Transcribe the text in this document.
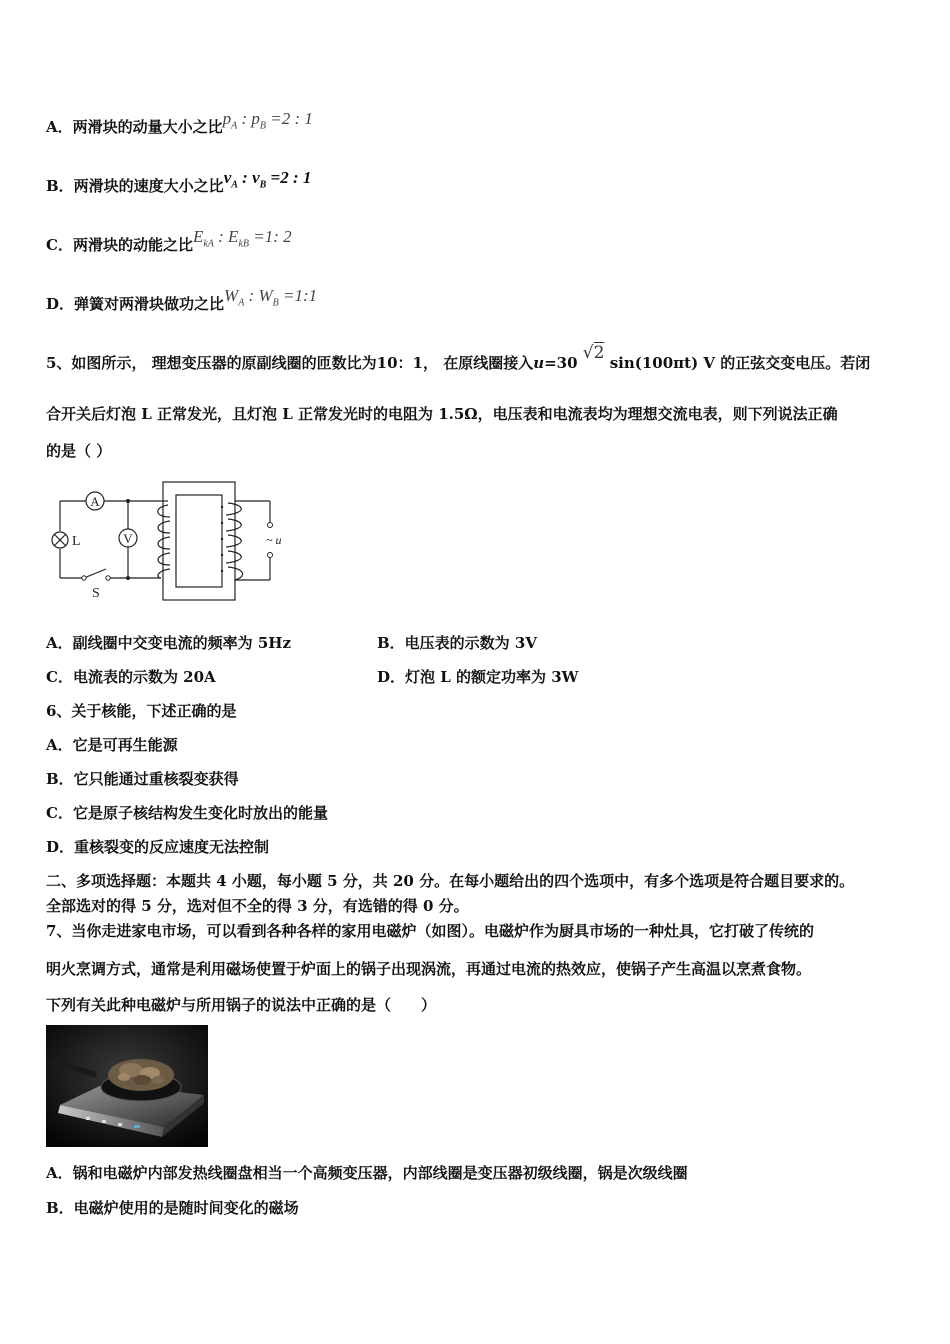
A．两滑块的动量大小之比$p_A$ : $p_B =2$ : 1
B．两滑块的速度大小之比$v_A$ : $v_B =2$ : 1
C．两滑块的动能之比$E_{kA}$ : $E_{kB} =1$: 2
D．弹簧对两滑块做功之比$W_A$ : $W_B$ =1:1
5、如图所示， 理想变压器的原副线圈的匝数比为10：1， 在原线圈接入u=30 √2 sin(100πt) V 的正弦交变电压。若闭
合开关后灯泡 L 正常发光，且灯泡 L 正常发光时的电阻为 1.5Ω，电压表和电流表均为理想交流电表，则下列说法正确
的是（ ）
A
V
L
S
~ u
A．副线圈中交变电流的频率为 5Hz	B．电压表的示数为 3V
C．电流表的示数为 20A	D．灯泡 L 的额定功率为 3W
6、关于核能，下述正确的是
A．它是可再生能源
B．它只能通过重核裂变获得
C．它是原子核结构发生变化时放出的能量
D．重核裂变的反应速度无法控制
二、多项选择题：本题共 4 小题，每小题 5 分，共 20 分。在每小题给出的四个选项中，有多个选项是符合题目要求的。
全部选对的得 5 分，选对但不全的得 3 分，有选错的得 0 分。
7、当你走进家电市场，可以看到各种各样的家用电磁炉（如图）。电磁炉作为厨具市场的一种灶具，它打破了传统的
明火烹调方式，通常是利用磁场使置于炉面上的锅子出现涡流，再通过电流的热效应，使锅子产生高温以烹煮食物。
下列有关此种电磁炉与所用锅子的说法中正确的是（　　）
A．锅和电磁炉内部发热线圈盘相当一个高频变压器，内部线圈是变压器初级线圈，锅是次级线圈
B．电磁炉使用的是随时间变化的磁场
